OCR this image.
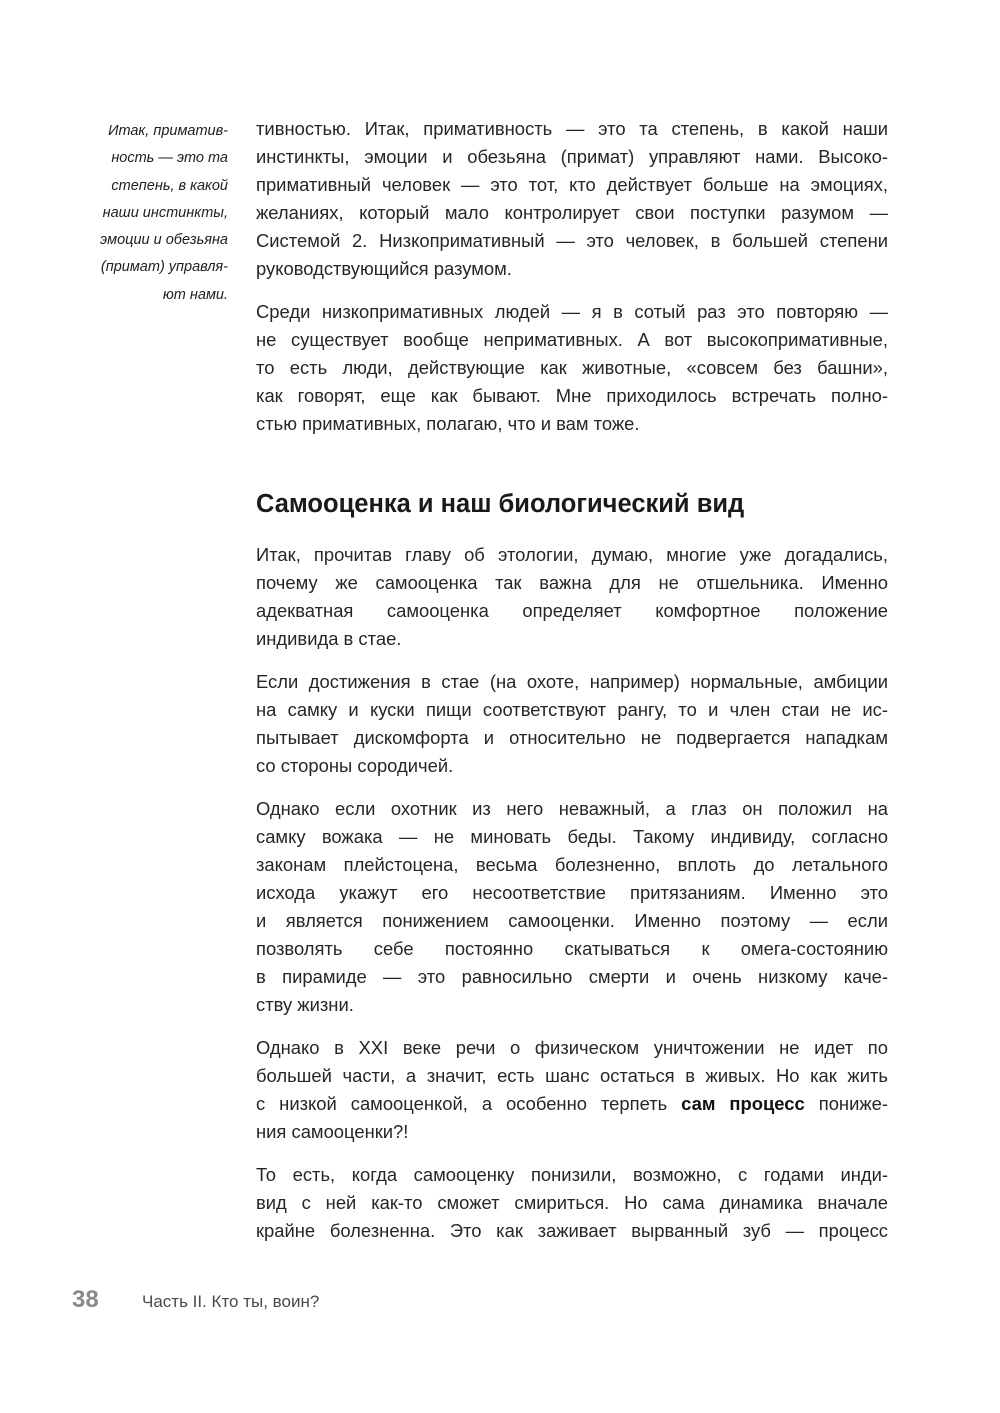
Итак, приматив-
ность — это та
степень, в какой
наши инстинкты,
эмоции и обезьяна
(примат) управля-
ют нами.
тивностью. Итак, примативность — это та степень, в какой наши
инстинкты, эмоции и обезьяна (примат) управляют нами. Высоко-
примативный человек — это тот, кто действует больше на эмоциях,
желаниях, который мало контролирует свои поступки разумом —
Системой 2. Низкопримативный — это человек, в большей степени
руководствующийся разумом.
Среди низкопримативных людей — я в сотый раз это повторяю —
не существует вообще непримативных. А вот высокопримативные,
то есть люди, действующие как животные, «совсем без башни»,
как говорят, еще как бывают. Мне приходилось встречать полно-
стью примативных, полагаю, что и вам тоже.
Самооценка и наш биологический вид
Итак, прочитав главу об этологии, думаю, многие уже догадались,
почему же самооценка так важна для не отшельника. Именно
адекватная самооценка определяет комфортное положение
индивида в стае.
Если достижения в стае (на охоте, например) нормальные, амбиции
на самку и куски пищи соответствуют рангу, то и член стаи не ис-
пытывает дискомфорта и относительно не подвергается нападкам
со стороны сородичей.
Однако если охотник из него неважный, а глаз он положил на
самку вожака — не миновать беды. Такому индивиду, согласно
законам плейстоцена, весьма болезненно, вплоть до летального
исхода укажут его несоответствие притязаниям. Именно это
и является понижением самооценки. Именно поэтому — если
позволять себе постоянно скатываться к омега-состоянию
в пирамиде — это равносильно смерти и очень низкому каче-
ству жизни.
Однако в XXI веке речи о физическом уничтожении не идет по
большей части, а значит, есть шанс остаться в живых. Но как жить
с низкой самооценкой, а особенно терпеть сам процесс пониже-
ния самооценки?!
То есть, когда самооценку понизили, возможно, с годами инди-
вид с ней как-то сможет смириться. Но сама динамика вначале
крайне болезненна. Это как заживает вырванный зуб — процесс
38	Часть II. Кто ты, воин?
